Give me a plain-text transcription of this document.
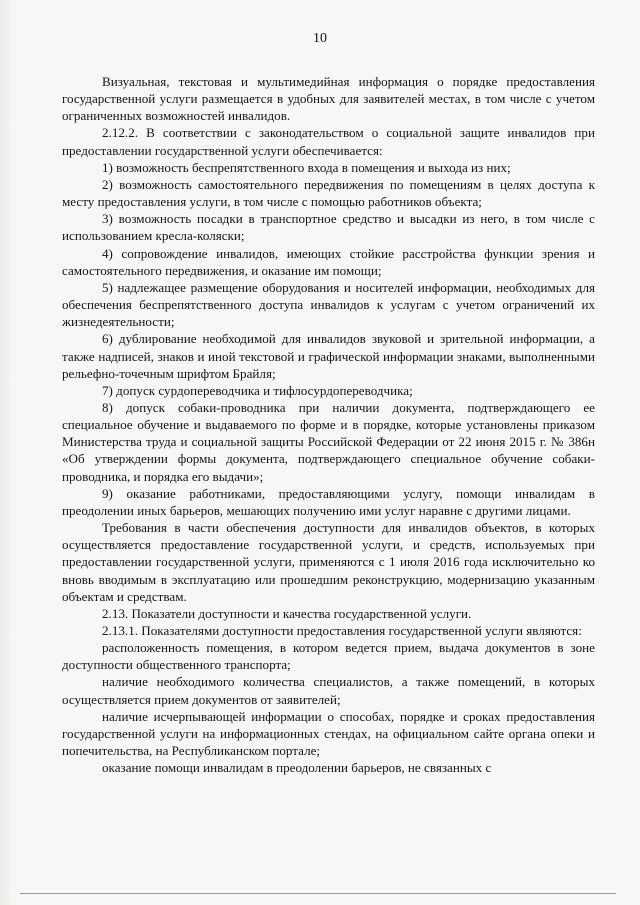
10

Визуальная, текстовая и мультимедийная информация о порядке предоставления государственной услуги размещается в удобных для заявителей местах, в том числе с учетом ограниченных возможностей инвалидов.

2.12.2. В соответствии с законодательством о социальной защите инвалидов при предоставлении государственной услуги обеспечивается:

1) возможность беспрепятственного входа в помещения и выхода из них;

2) возможность самостоятельного передвижения по помещениям в целях доступа к месту предоставления услуги, в том числе с помощью работников объекта;

3) возможность посадки в транспортное средство и высадки из него, в том числе с использованием кресла-коляски;

4) сопровождение инвалидов, имеющих стойкие расстройства функции зрения и самостоятельного передвижения, и оказание им помощи;

5) надлежащее размещение оборудования и носителей информации, необходимых для обеспечения беспрепятственного доступа инвалидов к услугам с учетом ограничений их жизнедеятельности;

6) дублирование необходимой для инвалидов звуковой и зрительной информации, а также надписей, знаков и иной текстовой и графической информации знаками, выполненными рельефно-точечным шрифтом Брайля;

7) допуск сурдопереводчика и тифлосурдопереводчика;

8) допуск собаки-проводника при наличии документа, подтверждающего ее специальное обучение и выдаваемого по форме и в порядке, которые установлены приказом Министерства труда и социальной защиты Российской Федерации от 22 июня 2015 г. № 386н «Об утверждении формы документа, подтверждающего специальное обучение собаки-проводника, и порядка его выдачи»;

9) оказание работниками, предоставляющими услугу, помощи инвалидам в преодолении иных барьеров, мешающих получению ими услуг наравне с другими лицами.

Требования в части обеспечения доступности для инвалидов объектов, в которых осуществляется предоставление государственной услуги, и средств, используемых при предоставлении государственной услуги, применяются с 1 июля 2016 года исключительно ко вновь вводимым в эксплуатацию или прошедшим реконструкцию, модернизацию указанным объектам и средствам.

2.13. Показатели доступности и качества государственной услуги.

2.13.1. Показателями доступности предоставления государственной услуги являются:

расположенность помещения, в котором ведется прием, выдача документов в зоне доступности общественного транспорта;

наличие необходимого количества специалистов, а также помещений, в которых осуществляется прием документов от заявителей;

наличие исчерпывающей информации о способах, порядке и сроках предоставления государственной услуги на информационных стендах, на официальном сайте органа опеки и попечительства, на Республиканском портале;

оказание помощи инвалидам в преодолении барьеров, не связанных с
